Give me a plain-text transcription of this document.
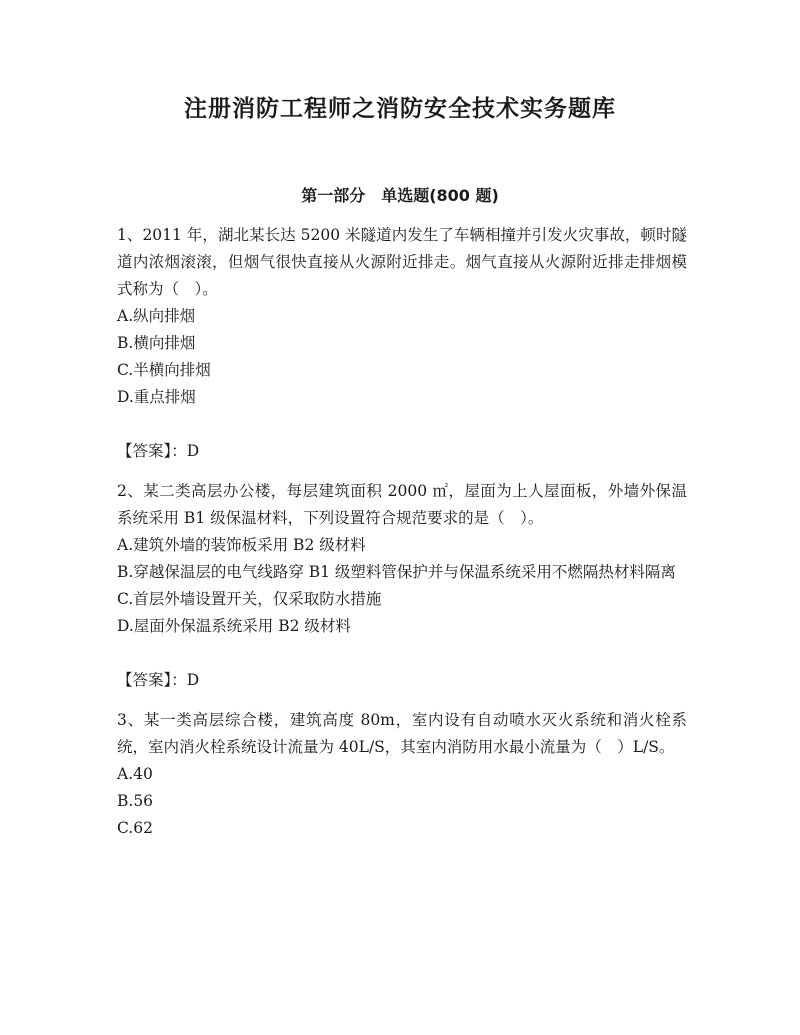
注册消防工程师之消防安全技术实务题库
第一部分　单选题(800 题)

1、2011 年，湖北某长达 5200 米隧道内发生了车辆相撞并引发火灾事故，顿时隧道内浓烟滚滚，但烟气很快直接从火源附近排走。烟气直接从火源附近排走排烟模式称为（　）。

A.纵向排烟

B.横向排烟

C.半横向排烟

D.重点排烟

【答案】：D

2、某二类高层办公楼，每层建筑面积 2000 ㎡，屋面为上人屋面板，外墙外保温系统采用 B1 级保温材料，下列设置符合规范要求的是（　）。

A.建筑外墙的装饰板采用 B2 级材料

B.穿越保温层的电气线路穿 B1 级塑料管保护并与保温系统采用不燃隔热材料隔离

C.首层外墙设置开关，仅采取防水措施

D.屋面外保温系统采用 B2 级材料

【答案】：D

3、某一类高层综合楼，建筑高度 80m，室内设有自动喷水灭火系统和消火栓系统，室内消火栓系统设计流量为 40L/S，其室内消防用水最小流量为（　）L/S。

A.40

B.56

C.62
